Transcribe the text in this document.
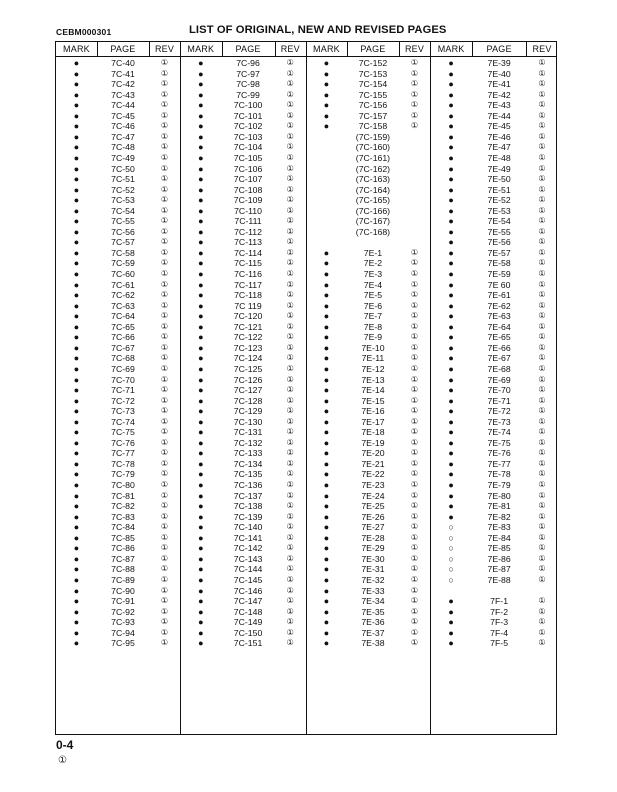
CEBM000301	LIST OF ORIGINAL, NEW AND REVISED PAGES
MARK	PAGE	REV	MARK	PAGE	REV	MARK	PAGE	REV	MARK	PAGE	REV
●	7C-40	①
●	7C-41	①
●	7C-42	①
●	7C-43	①
●	7C-44	①
●	7C-45	①
●	7C-46	①
●	7C-47	①
●	7C-48	①
●	7C-49	①
●	7C-50	①
●	7C-51	①
●	7C-52	①
●	7C-53	①
●	7C-54	①
●	7C-55	①
●	7C-56	①
●	7C-57	①
●	7C-58	①
●	7C-59	①
●	7C-60	①
●	7C-61	①
●	7C-62	①
●	7C-63	①
●	7C-64	①
●	7C-65	①
●	7C-66	①
●	7C-67	①
●	7C-68	①
●	7C-69	①
●	7C-70	①
●	7C-71	①
●	7C-72	①
●	7C-73	①
●	7C-74	①
●	7C-75	①
●	7C-76	①
●	7C-77	①
●	7C-78	①
●	7C-79	①
●	7C-80	①
●	7C-81	①
●	7C-82	①
●	7C-83	①
●	7C-84	①
●	7C-85	①
●	7C-86	①
●	7C-87	①
●	7C-88	①
●	7C-89	①
●	7C-90	①
●	7C-91	①
●	7C-92	①
●	7C-93	①
●	7C-94	①
●	7C-95	①
●	7C-96	①
●	7C-97	①
●	7C-98	①
●	7C-99	①
●	7C-100	①
●	7C-101	①
●	7C-102	①
●	7C-103	①
●	7C-104	①
●	7C-105	①
●	7C-106	①
●	7C-107	①
●	7C-108	①
●	7C-109	①
●	7C-110	①
●	7C-111	①
●	7C-112	①
●	7C-113	①
●	7C-114	①
●	7C-115	①
●	7C-116	①
●	7C-117	①
●	7C-118	①
●	7C 119	①
●	7C-120	①
●	7C-121	①
●	7C-122	①
●	7C-123	①
●	7C-124	①
●	7C-125	①
●	7C-126	①
●	7C-127	①
●	7C-128	①
●	7C-129	①
●	7C-130	①
●	7C-131	①
●	7C-132	①
●	7C-133	①
●	7C-134	①
●	7C-135	①
●	7C-136	①
●	7C-137	①
●	7C-138	①
●	7C-139	①
●	7C-140	①
●	7C-141	①
●	7C-142	①
●	7C-143	①
●	7C-144	①
●	7C-145	①
●	7C-146	①
●	7C-147	①
●	7C-148	①
●	7C-149	①
●	7C-150	①
●	7C-151	①
●	7C-152	①
●	7C-153	①
●	7C-154	①
●	7C-155	①
●	7C-156	①
●	7C-157	①
●	7C-158	①
(7C-159)
(7C-160)
(7C-161)
(7C-162)
(7C-163)
(7C-164)
(7C-165)
(7C-166)
(7C-167)
(7C-168)
●	7E-1	①
●	7E-2	①
●	7E-3	①
●	7E-4	①
●	7E-5	①
●	7E-6	①
●	7E-7	①
●	7E-8	①
●	7E-9	①
●	7E-10	①
●	7E-11	①
●	7E-12	①
●	7E-13	①
●	7E-14	①
●	7E-15	①
●	7E-16	①
●	7E-17	①
●	7E-18	①
●	7E-19	①
●	7E-20	①
●	7E-21	①
●	7E-22	①
●	7E-23	①
●	7E-24	①
●	7E-25	①
●	7E-26	①
●	7E-27	①
●	7E-28	①
●	7E-29	①
●	7E-30	①
●	7E-31	①
●	7E-32	①
●	7E-33	①
●	7E-34	①
●	7E-35	①
●	7E-36	①
●	7E-37	①
●	7E-38	①
●	7E-39	①
●	7E-40	①
●	7E-41	①
●	7E-42	①
●	7E-43	①
●	7E-44	①
●	7E-45	①
●	7E-46	①
●	7E-47	①
●	7E-48	①
●	7E-49	①
●	7E-50	①
●	7E-51	①
●	7E-52	①
●	7E-53	①
●	7E-54	①
●	7E-55	①
●	7E-56	①
●	7E-57	①
●	7E-58	①
●	7E-59	①
●	7E 60	①
●	7E-61	①
●	7E-62	①
●	7E-63	①
●	7E-64	①
●	7E-65	①
●	7E-66	①
●	7E-67	①
●	7E-68	①
●	7E-69	①
●	7E-70	①
●	7E-71	①
●	7E-72	①
●	7E-73	①
●	7E-74	①
●	7E-75	①
●	7E-76	①
●	7E-77	①
●	7E-78	①
●	7E-79	①
●	7E-80	①
●	7E-81	①
●	7E-82	①
○	7E-83	①
○	7E-84	①
○	7E-85	①
○	7E-86	①
○	7E-87	①
○	7E-88	①
●	7F-1	①
●	7F-2	①
●	7F-3	①
●	7F-4	①
●	7F-5	①
0-4
①
